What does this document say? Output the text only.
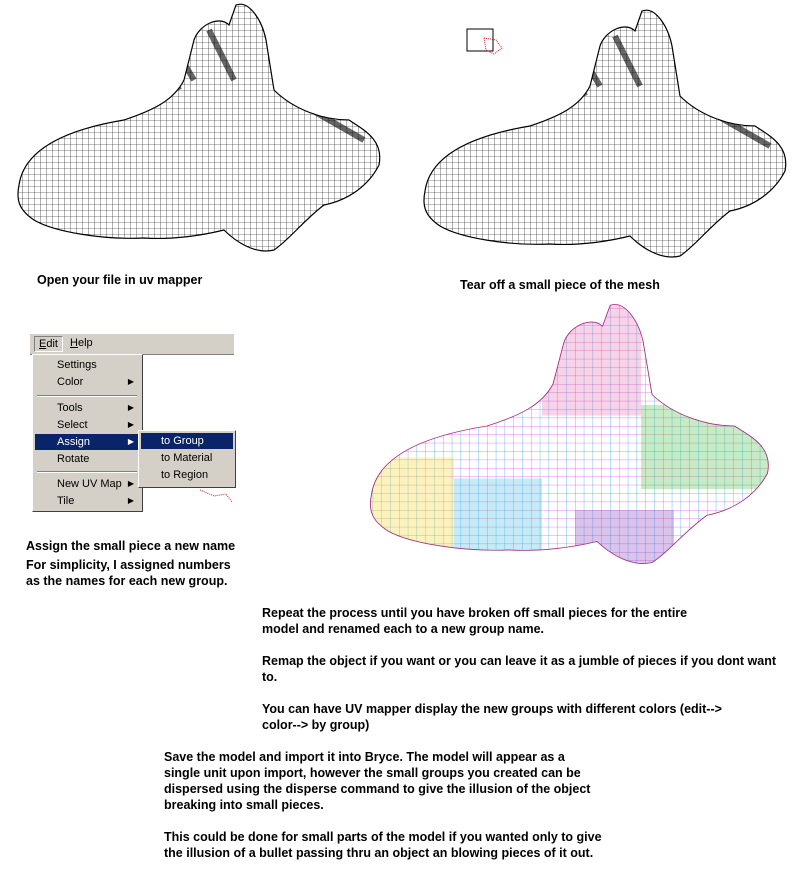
Open your file in uv mapper	Tear off a small piece of the mesh
Edit	Help
Settings
Color	▶
Tools	▶
Select	▶
Assign	▶
Rotate
New UV Map ▶
Tile	▶
to Group
to Material
to Region
Assign the small piece a new name
For simplicity, I assigned numbers
as the names for each new group.

Repeat the process until you have broken off small pieces for the entire model and renamed each to a new group name.

Remap the object if you want or you can leave it as a jumble of pieces if you dont want to.

You can have UV mapper display the new groups with different colors (edit--> color--> by group)

Save the model and import it into Bryce. The model will appear as a single unit upon import, however the small groups you created can be dispersed using the disperse command to give the illusion of the object breaking into small pieces.

This could be done for small parts of the model if you wanted only to give the illusion of a bullet passing thru an object an blowing pieces of it out.
